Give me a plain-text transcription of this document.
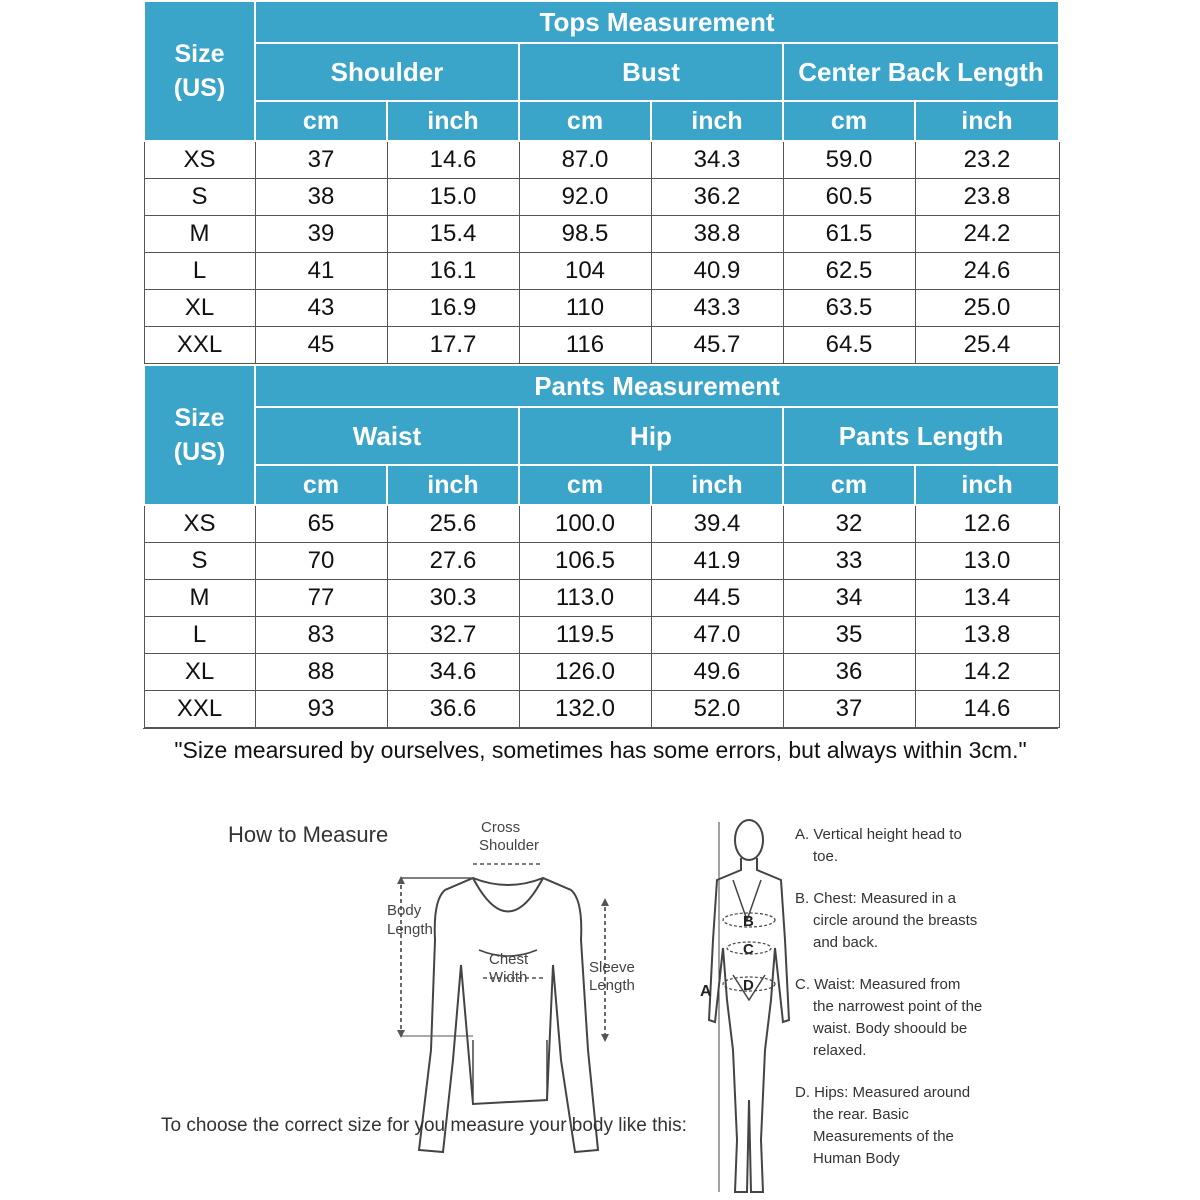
Size
(US)	Tops Measurement					
	Shoulder		Bust		Center Back Length	
	cm	inch	cm	inch	cm	inch
XS	37	14.6	87.0	34.3	59.0	23.2
S	38	15.0	92.0	36.2	60.5	23.8
M	39	15.4	98.5	38.8	61.5	24.2
L	41	16.1	104	40.9	62.5	24.6
XL	43	16.9	110	43.3	63.5	25.0
XXL	45	17.7	116	45.7	64.5	25.4
Size
(US)	Pants Measurement					
	Waist		Hip		Pants Length	
	cm	inch	cm	inch	cm	inch
XS	65	25.6	100.0	39.4	32	12.6
S	70	27.6	106.5	41.9	33	13.0
M	77	30.3	113.0	44.5	34	13.4
L	83	32.7	119.5	47.0	35	13.8
XL	88	34.6	126.0	49.6	36	14.2
XXL	93	36.6	132.0	52.0	37	14.6
"Size mearsured by ourselves, sometimes has some errors, but always within 3cm."
How to Measure	Cross
Shoulder
Body
Length
Chest
Width
Sleeve
Length	A
B
C
D
To choose the correct size for you measure your body like this:

A. Vertical height head to toe.

B. Chest: Measured in a circle around the breasts and back.

C. Waist: Measured from the narrowest point of the waist. Body shoould be relaxed.

D. Hips: Measured around the rear. Basic Measurements of the Human Body
